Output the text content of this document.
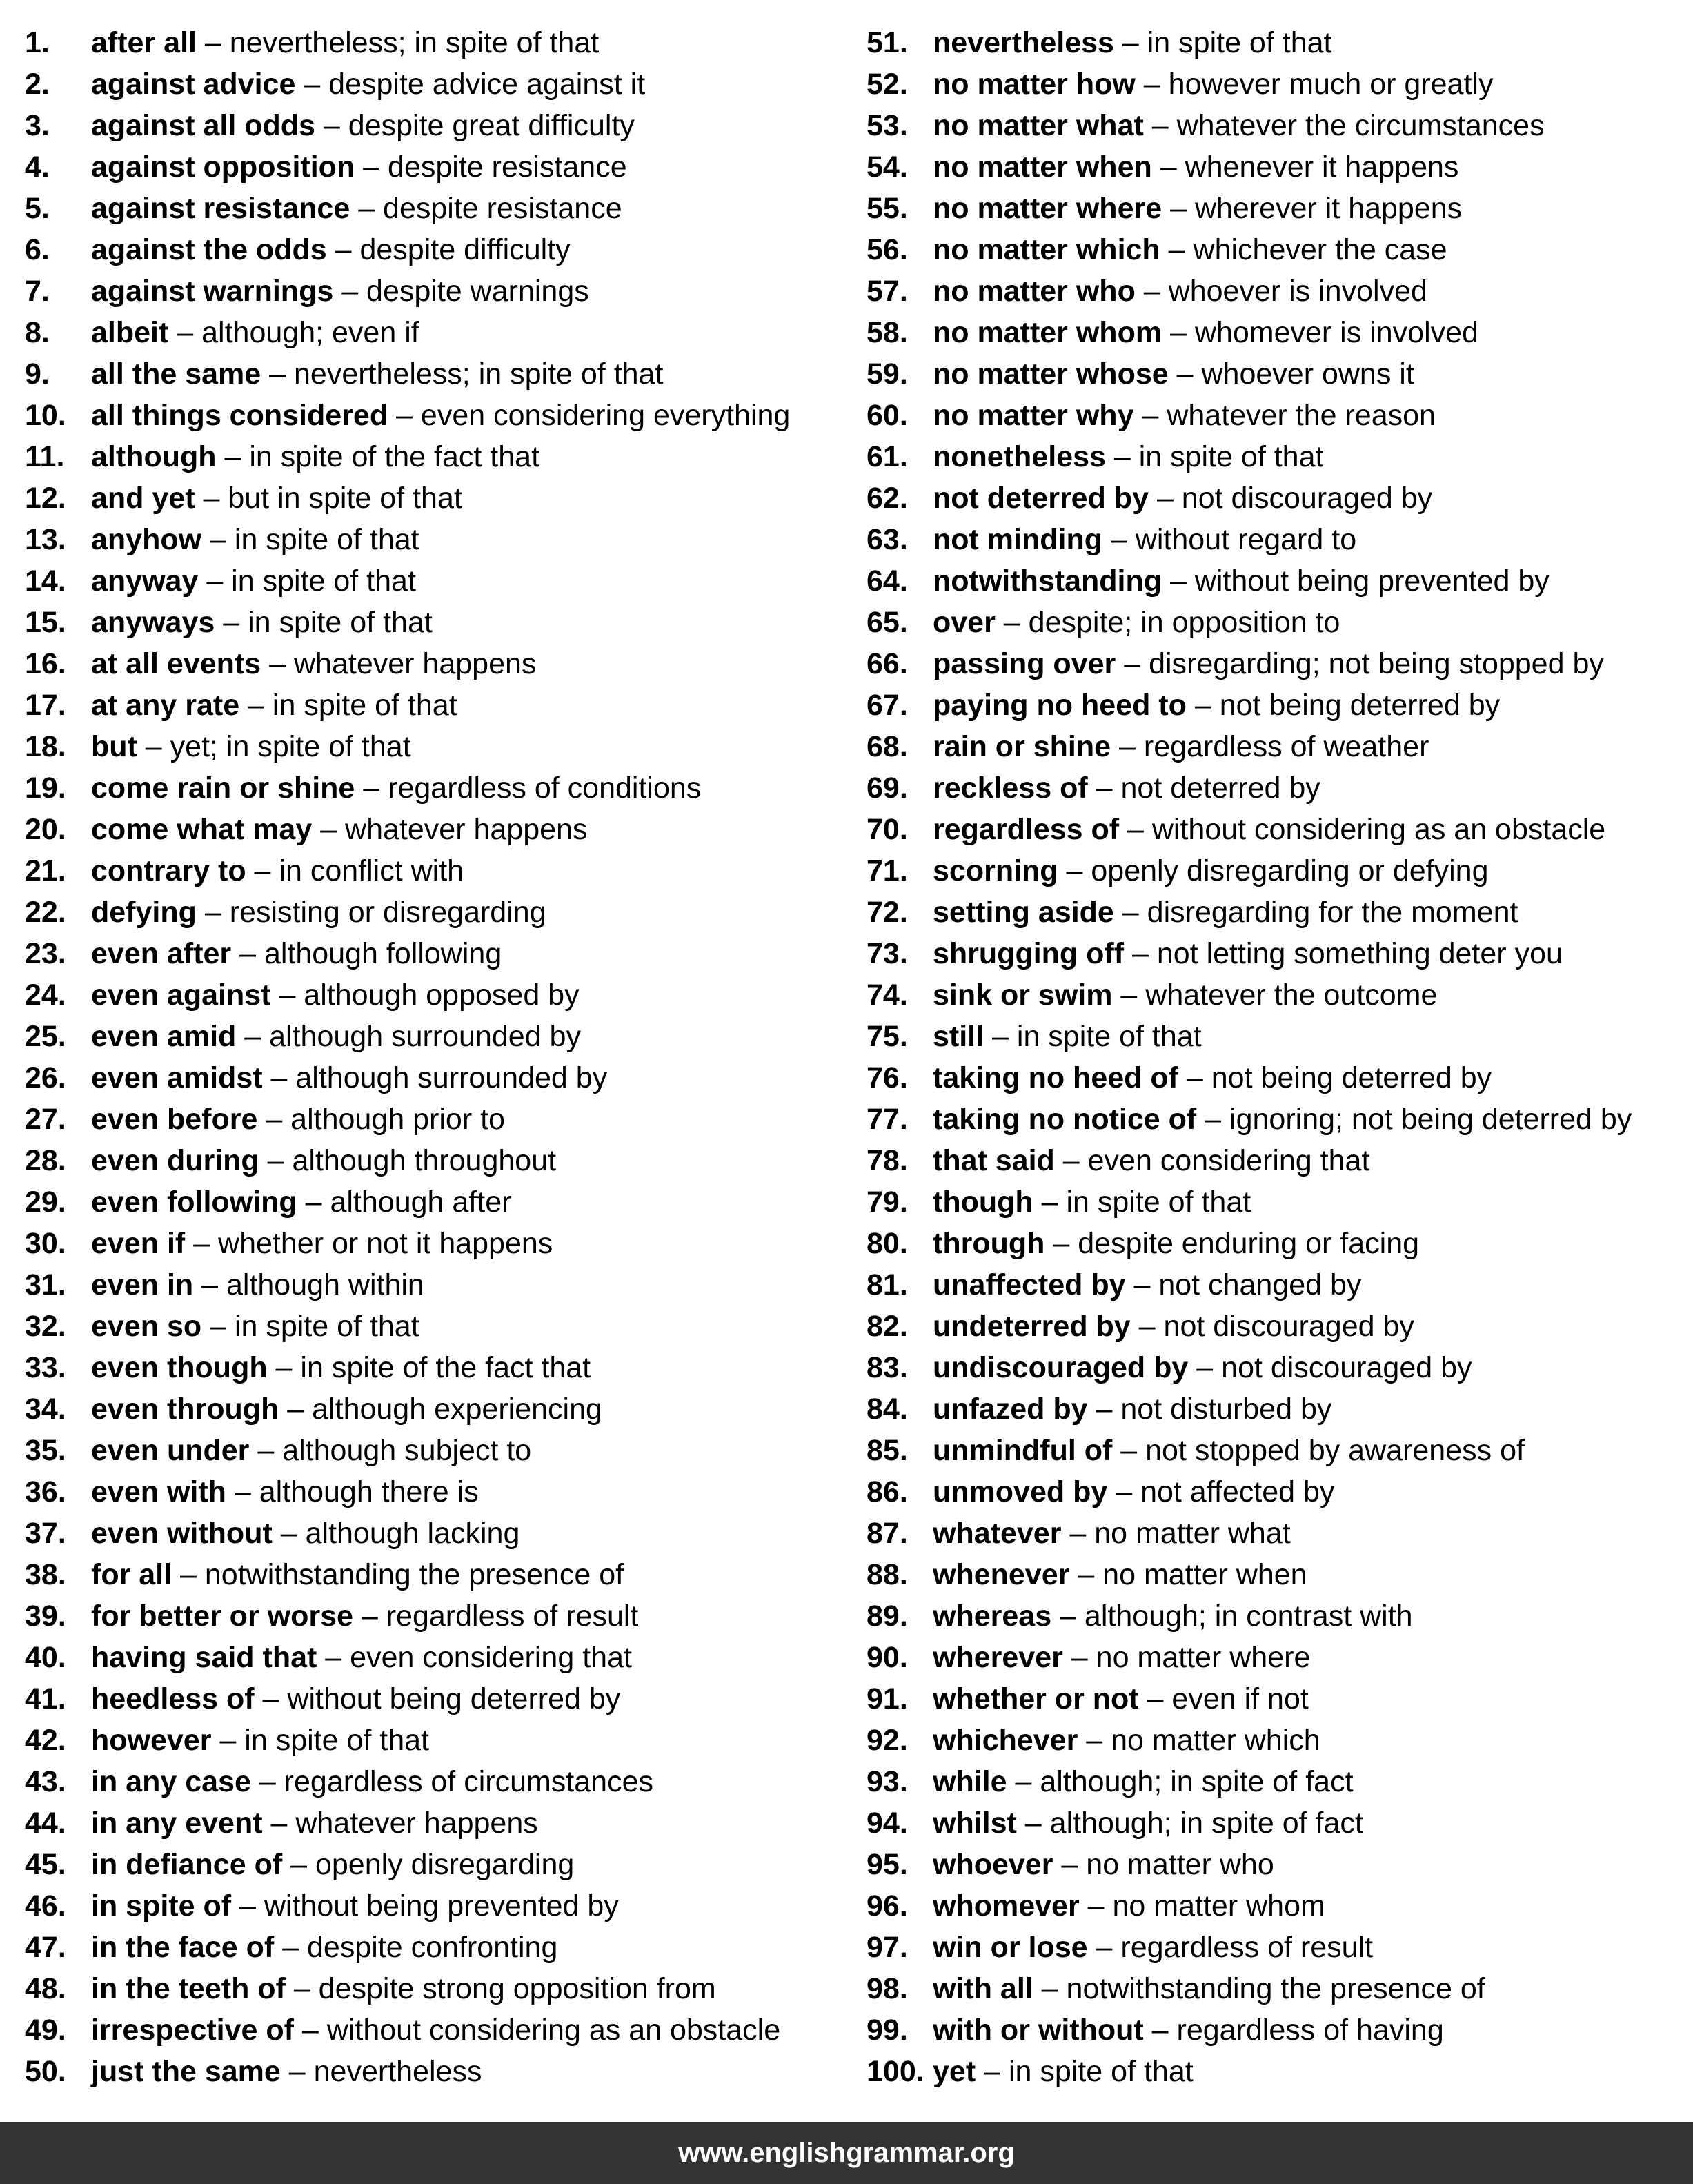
1.	after all – nevertheless; in spite of that
2.	against advice – despite advice against it
3.	against all odds – despite great difficulty
4.	against opposition – despite resistance
5.	against resistance – despite resistance
6.	against the odds – despite difficulty
7.	against warnings – despite warnings
8.	albeit – although; even if
9.	all the same – nevertheless; in spite of that
10. all things considered – even considering everything
11. although – in spite of the fact that
12. and yet – but in spite of that
13. anyhow – in spite of that
14. anyway – in spite of that
15. anyways – in spite of that
16. at all events – whatever happens
17. at any rate – in spite of that
18. but – yet; in spite of that
19. come rain or shine – regardless of conditions
20. come what may – whatever happens
21. contrary to – in conflict with
22. defying – resisting or disregarding
23. even after – although following
24. even against – although opposed by
25. even amid – although surrounded by
26. even amidst – although surrounded by
27. even before – although prior to
28. even during – although throughout
29. even following – although after
30. even if – whether or not it happens
31. even in – although within
32. even so – in spite of that
33. even though – in spite of the fact that
34. even through – although experiencing
35. even under – although subject to
36. even with – although there is
37. even without – although lacking
38. for all – notwithstanding the presence of
39. for better or worse – regardless of result
40. having said that – even considering that
41. heedless of – without being deterred by
42. however – in spite of that
43. in any case – regardless of circumstances
44. in any event – whatever happens
45. in defiance of – openly disregarding
46. in spite of – without being prevented by
47. in the face of – despite confronting
48. in the teeth of – despite strong opposition from
49. irrespective of – without considering as an obstacle
50. just the same – nevertheless
51. nevertheless – in spite of that
52. no matter how – however much or greatly
53. no matter what – whatever the circumstances
54. no matter when – whenever it happens
55. no matter where – wherever it happens
56. no matter which – whichever the case
57. no matter who – whoever is involved
58. no matter whom – whomever is involved
59. no matter whose – whoever owns it
60. no matter why – whatever the reason
61. nonetheless – in spite of that
62. not deterred by – not discouraged by
63. not minding – without regard to
64. notwithstanding – without being prevented by
65. over – despite; in opposition to
66. passing over – disregarding; not being stopped by
67. paying no heed to – not being deterred by
68. rain or shine – regardless of weather
69. reckless of – not deterred by
70. regardless of – without considering as an obstacle
71. scorning – openly disregarding or defying
72. setting aside – disregarding for the moment
73. shrugging off – not letting something deter you
74. sink or swim – whatever the outcome
75. still – in spite of that
76. taking no heed of – not being deterred by
77. taking no notice of – ignoring; not being deterred by
78. that said – even considering that
79. though – in spite of that
80. through – despite enduring or facing
81. unaffected by – not changed by
82. undeterred by – not discouraged by
83. undiscouraged by – not discouraged by
84. unfazed by – not disturbed by
85. unmindful of – not stopped by awareness of
86. unmoved by – not affected by
87. whatever – no matter what
88. whenever – no matter when
89. whereas – although; in contrast with
90. wherever – no matter where
91. whether or not – even if not
92. whichever – no matter which
93. while – although; in spite of fact
94. whilst – although; in spite of fact
95. whoever – no matter who
96. whomever – no matter whom
97. win or lose – regardless of result
98. with all – notwithstanding the presence of
99. with or without – regardless of having
100. yet – in spite of that
www.englishgrammar.org
